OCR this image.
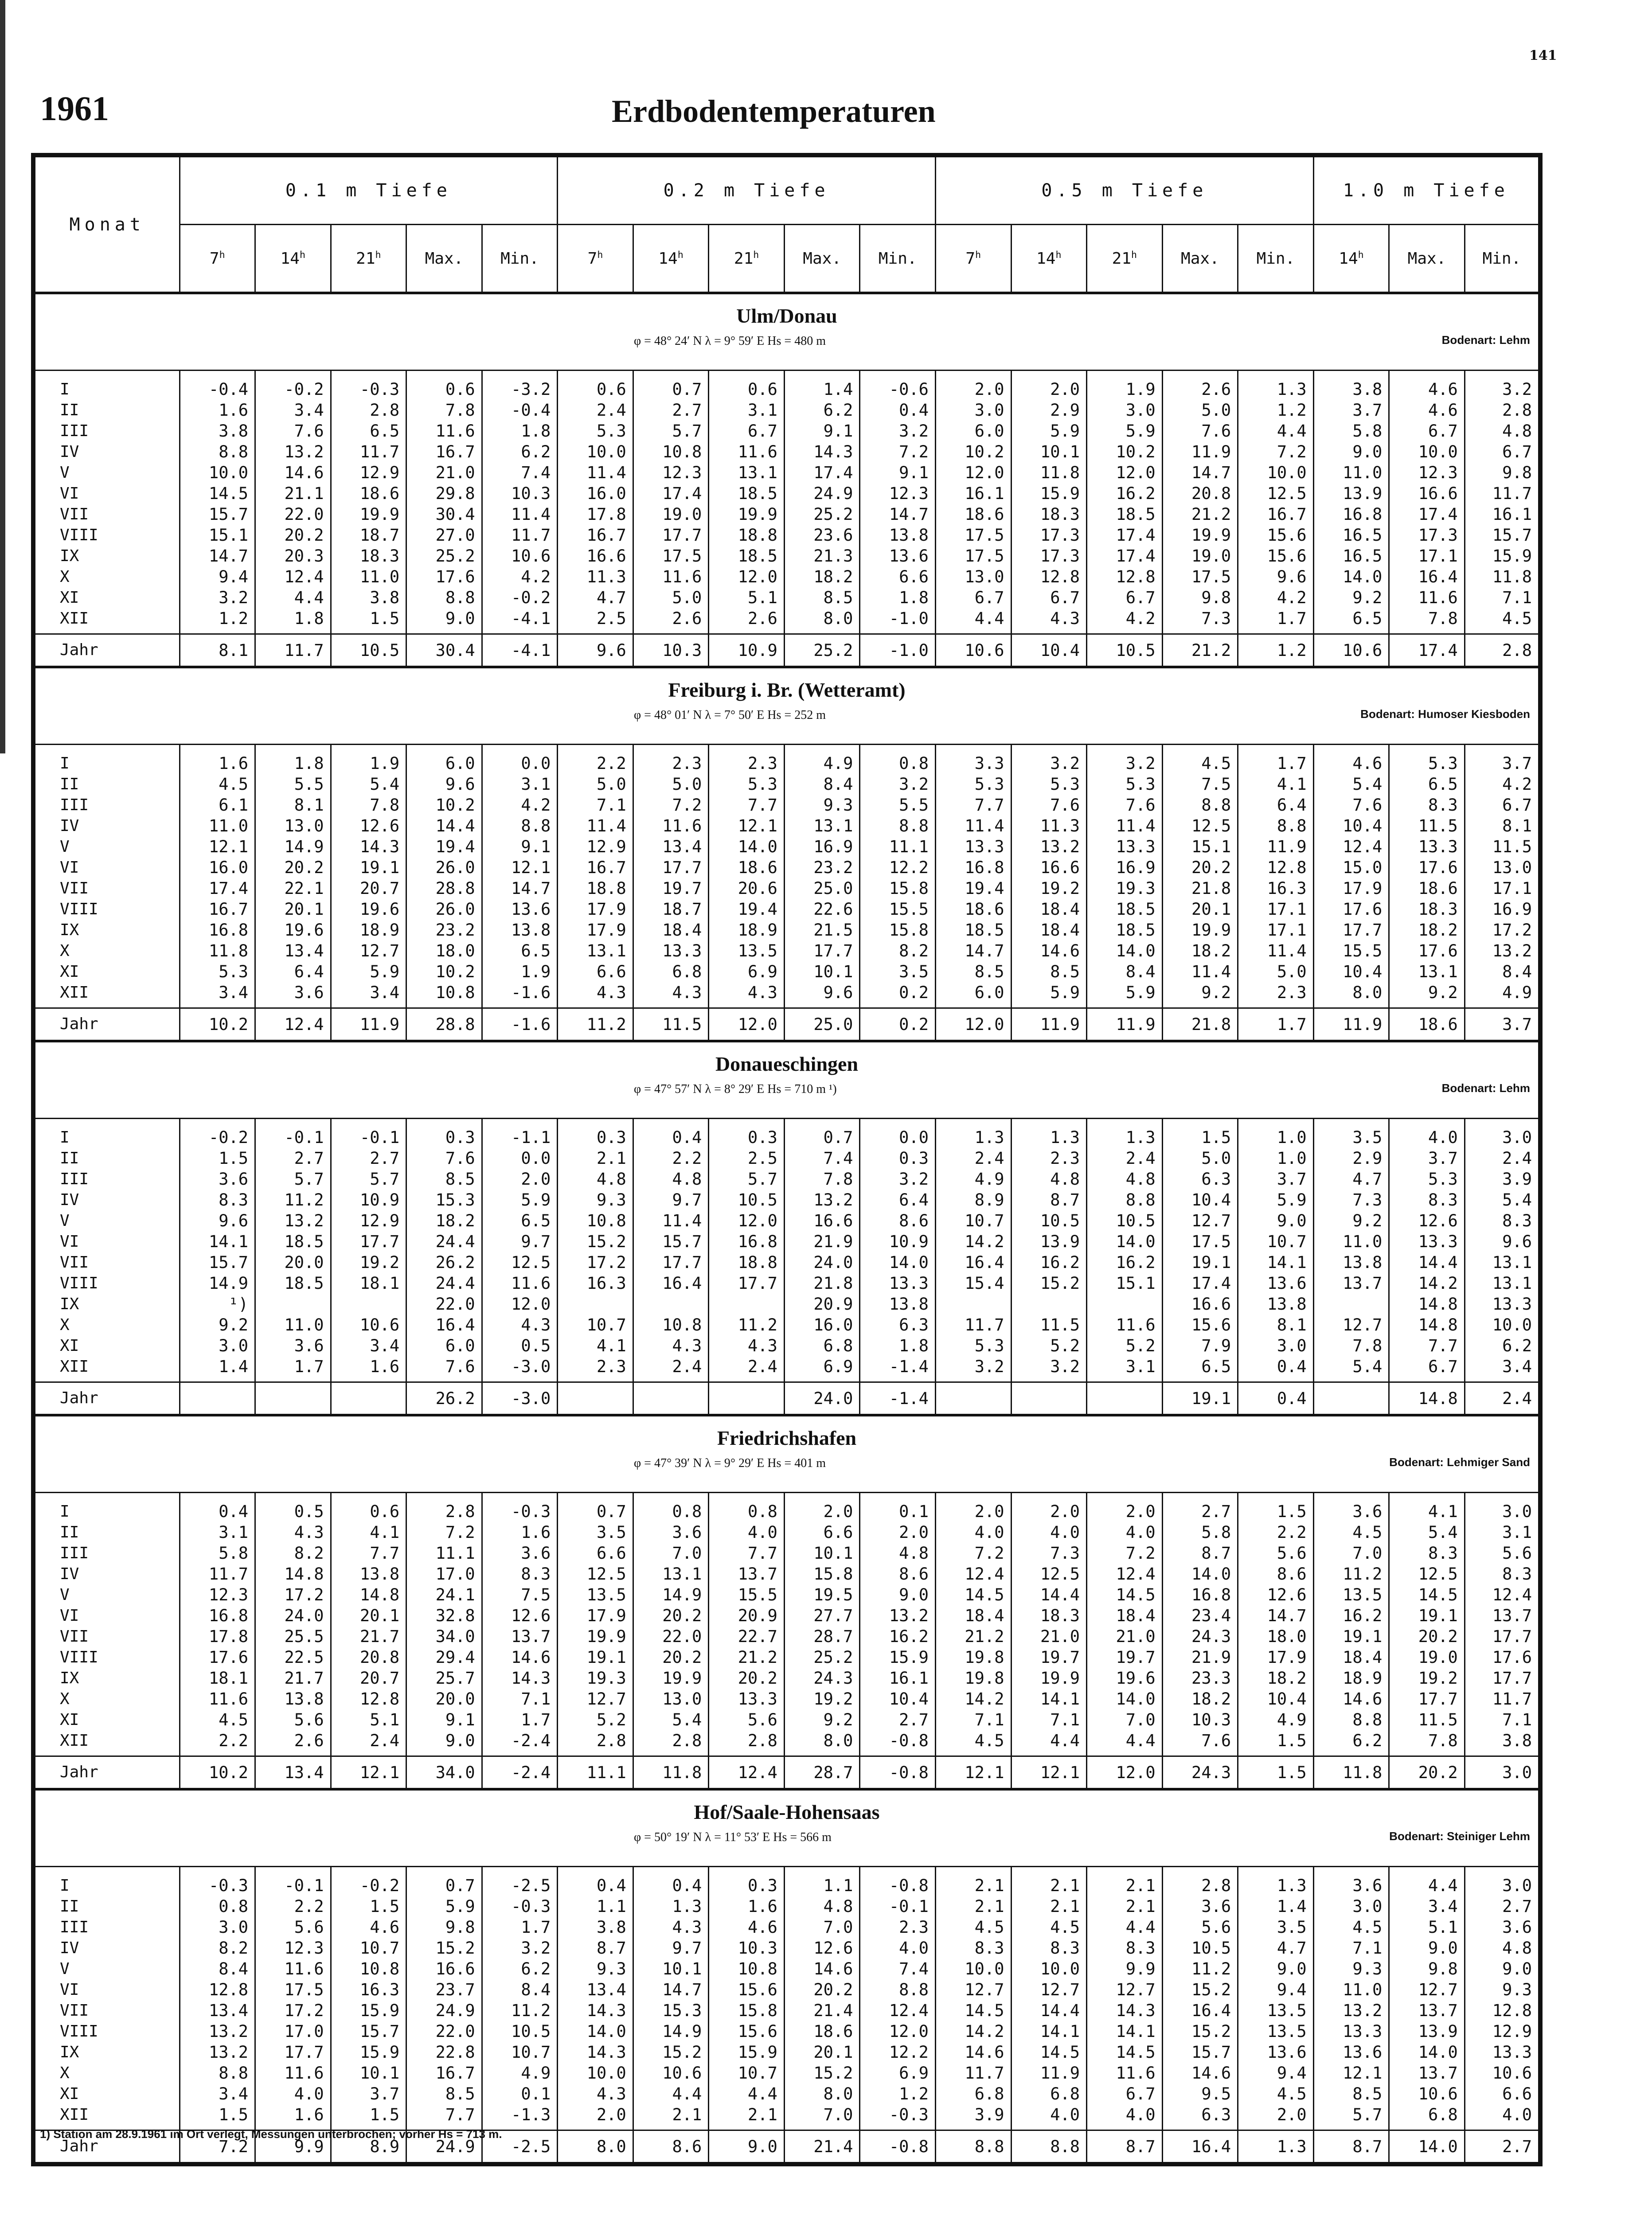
141
1961	Erdbodentemperaturen
Monat	0.1 m Tiefe					0.2 m Tiefe					0.5 m Tiefe					1.0 m Tiefe		
	7$^h$	14$^h$	21$^h$	Max.	Min.	7$^h$	14$^h$	21$^h$	Max.	Min.	7$^h$	14$^h$	21$^h$	Max.	Min.	14$^h$	Max.	Min.

Ulm/Donau
φ = 48° 24′ N λ = 9° 59′ E Hs = 480 m Bodenart: Lehm																		

I	-0.4	-0.2	-0.3	0.6	-3.2	0.6	0.7	0.6	1.4	-0.6	2.0	2.0	1.9	2.6	1.3	3.8	4.6	3.2
II	1.6	3.4	2.8	7.8	-0.4	2.4	2.7	3.1	6.2	0.4	3.0	2.9	3.0	5.0	1.2	3.7	4.6	2.8
III	3.8	7.6	6.5	11.6	1.8	5.3	5.7	6.7	9.1	3.2	6.0	5.9	5.9	7.6	4.4	5.8	6.7	4.8
IV	8.8	13.2	11.7	16.7	6.2	10.0	10.8	11.6	14.3	7.2	10.2	10.1	10.2	11.9	7.2	9.0	10.0	6.7
V	10.0	14.6	12.9	21.0	7.4	11.4	12.3	13.1	17.4	9.1	12.0	11.8	12.0	14.7	10.0	11.0	12.3	9.8
VI	14.5	21.1	18.6	29.8	10.3	16.0	17.4	18.5	24.9	12.3	16.1	15.9	16.2	20.8	12.5	13.9	16.6	11.7
VII	15.7	22.0	19.9	30.4	11.4	17.8	19.0	19.9	25.2	14.7	18.6	18.3	18.5	21.2	16.7	16.8	17.4	16.1
VIII	15.1	20.2	18.7	27.0	11.7	16.7	17.7	18.8	23.6	13.8	17.5	17.3	17.4	19.9	15.6	16.5	17.3	15.7
IX	14.7	20.3	18.3	25.2	10.6	16.6	17.5	18.5	21.3	13.6	17.5	17.3	17.4	19.0	15.6	16.5	17.1	15.9
X	9.4	12.4	11.0	17.6	4.2	11.3	11.6	12.0	18.2	6.6	13.0	12.8	12.8	17.5	9.6	14.0	16.4	11.8
XI	3.2	4.4	3.8	8.8	-0.2	4.7	5.0	5.1	8.5	1.8	6.7	6.7	6.7	9.8	4.2	9.2	11.6	7.1
XII	1.2	1.8	1.5	9.0	-4.1	2.5	2.6	2.6	8.0	-1.0	4.4	4.3	4.2	7.3	1.7	6.5	7.8	4.5
Jahr	8.1	11.7	10.5	30.4	-4.1	9.6	10.3	10.9	25.2	-1.0	10.6	10.4	10.5	21.2	1.2	10.6	17.4	2.8

Freiburg i. Br. (Wetteramt)
φ = 48° 01′ N λ = 7° 50′ E Hs = 252 m Bodenart: Humoser Kiesboden																		

I	1.6	1.8	1.9	6.0	0.0	2.2	2.3	2.3	4.9	0.8	3.3	3.2	3.2	4.5	1.7	4.6	5.3	3.7
II	4.5	5.5	5.4	9.6	3.1	5.0	5.0	5.3	8.4	3.2	5.3	5.3	5.3	7.5	4.1	5.4	6.5	4.2
III	6.1	8.1	7.8	10.2	4.2	7.1	7.2	7.7	9.3	5.5	7.7	7.6	7.6	8.8	6.4	7.6	8.3	6.7
IV	11.0	13.0	12.6	14.4	8.8	11.4	11.6	12.1	13.1	8.8	11.4	11.3	11.4	12.5	8.8	10.4	11.5	8.1
V	12.1	14.9	14.3	19.4	9.1	12.9	13.4	14.0	16.9	11.1	13.3	13.2	13.3	15.1	11.9	12.4	13.3	11.5
VI	16.0	20.2	19.1	26.0	12.1	16.7	17.7	18.6	23.2	12.2	16.8	16.6	16.9	20.2	12.8	15.0	17.6	13.0
VII	17.4	22.1	20.7	28.8	14.7	18.8	19.7	20.6	25.0	15.8	19.4	19.2	19.3	21.8	16.3	17.9	18.6	17.1
VIII	16.7	20.1	19.6	26.0	13.6	17.9	18.7	19.4	22.6	15.5	18.6	18.4	18.5	20.1	17.1	17.6	18.3	16.9
IX	16.8	19.6	18.9	23.2	13.8	17.9	18.4	18.9	21.5	15.8	18.5	18.4	18.5	19.9	17.1	17.7	18.2	17.2
X	11.8	13.4	12.7	18.0	6.5	13.1	13.3	13.5	17.7	8.2	14.7	14.6	14.0	18.2	11.4	15.5	17.6	13.2
XI	5.3	6.4	5.9	10.2	1.9	6.6	6.8	6.9	10.1	3.5	8.5	8.5	8.4	11.4	5.0	10.4	13.1	8.4
XII	3.4	3.6	3.4	10.8	-1.6	4.3	4.3	4.3	9.6	0.2	6.0	5.9	5.9	9.2	2.3	8.0	9.2	4.9
Jahr	10.2	12.4	11.9	28.8	-1.6	11.2	11.5	12.0	25.0	0.2	12.0	11.9	11.9	21.8	1.7	11.9	18.6	3.7

Donaueschingen
φ = 47° 57′ N λ = 8° 29′ E Hs = 710 m ¹) Bodenart: Lehm																		

I	-0.2	-0.1	-0.1	0.3	-1.1	0.3	0.4	0.3	0.7	0.0	1.3	1.3	1.3	1.5	1.0	3.5	4.0	3.0
II	1.5	2.7	2.7	7.6	0.0	2.1	2.2	2.5	7.4	0.3	2.4	2.3	2.4	5.0	1.0	2.9	3.7	2.4
III	3.6	5.7	5.7	8.5	2.0	4.8	4.8	5.7	7.8	3.2	4.9	4.8	4.8	6.3	3.7	4.7	5.3	3.9
IV	8.3	11.2	10.9	15.3	5.9	9.3	9.7	10.5	13.2	6.4	8.9	8.7	8.8	10.4	5.9	7.3	8.3	5.4
V	9.6	13.2	12.9	18.2	6.5	10.8	11.4	12.0	16.6	8.6	10.7	10.5	10.5	12.7	9.0	9.2	12.6	8.3
VI	14.1	18.5	17.7	24.4	9.7	15.2	15.7	16.8	21.9	10.9	14.2	13.9	14.0	17.5	10.7	11.0	13.3	9.6
VII	15.7	20.0	19.2	26.2	12.5	17.2	17.7	18.8	24.0	14.0	16.4	16.2	16.2	19.1	14.1	13.8	14.4	13.1
VIII	14.9	18.5	18.1	24.4	11.6	16.3	16.4	17.7	21.8	13.3	15.4	15.2	15.1	17.4	13.6	13.7	14.2	13.1
IX	¹)			22.0	12.0				20.9	13.8				16.6	13.8		14.8	13.3
X	9.2	11.0	10.6	16.4	4.3	10.7	10.8	11.2	16.0	6.3	11.7	11.5	11.6	15.6	8.1	12.7	14.8	10.0
XI	3.0	3.6	3.4	6.0	0.5	4.1	4.3	4.3	6.8	1.8	5.3	5.2	5.2	7.9	3.0	7.8	7.7	6.2
XII	1.4	1.7	1.6	7.6	-3.0	2.3	2.4	2.4	6.9	-1.4	3.2	3.2	3.1	6.5	0.4	5.4	6.7	3.4
Jahr				26.2	-3.0				24.0	-1.4				19.1	0.4		14.8	2.4

Friedrichshafen
φ = 47° 39′ N λ = 9° 29′ E Hs = 401 m Bodenart: Lehmiger Sand																		

I	0.4	0.5	0.6	2.8	-0.3	0.7	0.8	0.8	2.0	0.1	2.0	2.0	2.0	2.7	1.5	3.6	4.1	3.0
II	3.1	4.3	4.1	7.2	1.6	3.5	3.6	4.0	6.6	2.0	4.0	4.0	4.0	5.8	2.2	4.5	5.4	3.1
III	5.8	8.2	7.7	11.1	3.6	6.6	7.0	7.7	10.1	4.8	7.2	7.3	7.2	8.7	5.6	7.0	8.3	5.6
IV	11.7	14.8	13.8	17.0	8.3	12.5	13.1	13.7	15.8	8.6	12.4	12.5	12.4	14.0	8.6	11.2	12.5	8.3
V	12.3	17.2	14.8	24.1	7.5	13.5	14.9	15.5	19.5	9.0	14.5	14.4	14.5	16.8	12.6	13.5	14.5	12.4
VI	16.8	24.0	20.1	32.8	12.6	17.9	20.2	20.9	27.7	13.2	18.4	18.3	18.4	23.4	14.7	16.2	19.1	13.7
VII	17.8	25.5	21.7	34.0	13.7	19.9	22.0	22.7	28.7	16.2	21.2	21.0	21.0	24.3	18.0	19.1	20.2	17.7
VIII	17.6	22.5	20.8	29.4	14.6	19.1	20.2	21.2	25.2	15.9	19.8	19.7	19.7	21.9	17.9	18.4	19.0	17.6
IX	18.1	21.7	20.7	25.7	14.3	19.3	19.9	20.2	24.3	16.1	19.8	19.9	19.6	23.3	18.2	18.9	19.2	17.7
X	11.6	13.8	12.8	20.0	7.1	12.7	13.0	13.3	19.2	10.4	14.2	14.1	14.0	18.2	10.4	14.6	17.7	11.7
XI	4.5	5.6	5.1	9.1	1.7	5.2	5.4	5.6	9.2	2.7	7.1	7.1	7.0	10.3	4.9	8.8	11.5	7.1
XII	2.2	2.6	2.4	9.0	-2.4	2.8	2.8	2.8	8.0	-0.8	4.5	4.4	4.4	7.6	1.5	6.2	7.8	3.8
Jahr	10.2	13.4	12.1	34.0	-2.4	11.1	11.8	12.4	28.7	-0.8	12.1	12.1	12.0	24.3	1.5	11.8	20.2	3.0

Hof/Saale-Hohensaas
φ = 50° 19′ N λ = 11° 53′ E Hs = 566 m Bodenart: Steiniger Lehm																		

I	-0.3	-0.1	-0.2	0.7	-2.5	0.4	0.4	0.3	1.1	-0.8	2.1	2.1	2.1	2.8	1.3	3.6	4.4	3.0
II	0.8	2.2	1.5	5.9	-0.3	1.1	1.3	1.6	4.8	-0.1	2.1	2.1	2.1	3.6	1.4	3.0	3.4	2.7
III	3.0	5.6	4.6	9.8	1.7	3.8	4.3	4.6	7.0	2.3	4.5	4.5	4.4	5.6	3.5	4.5	5.1	3.6
IV	8.2	12.3	10.7	15.2	3.2	8.7	9.7	10.3	12.6	4.0	8.3	8.3	8.3	10.5	4.7	7.1	9.0	4.8
V	8.4	11.6	10.8	16.6	6.2	9.3	10.1	10.8	14.6	7.4	10.0	10.0	9.9	11.2	9.0	9.3	9.8	9.0
VI	12.8	17.5	16.3	23.7	8.4	13.4	14.7	15.6	20.2	8.8	12.7	12.7	12.7	15.2	9.4	11.0	12.7	9.3
VII	13.4	17.2	15.9	24.9	11.2	14.3	15.3	15.8	21.4	12.4	14.5	14.4	14.3	16.4	13.5	13.2	13.7	12.8
VIII	13.2	17.0	15.7	22.0	10.5	14.0	14.9	15.6	18.6	12.0	14.2	14.1	14.1	15.2	13.5	13.3	13.9	12.9
IX	13.2	17.7	15.9	22.8	10.7	14.3	15.2	15.9	20.1	12.2	14.6	14.5	14.5	15.7	13.6	13.6	14.0	13.3
X	8.8	11.6	10.1	16.7	4.9	10.0	10.6	10.7	15.2	6.9	11.7	11.9	11.6	14.6	9.4	12.1	13.7	10.6
XI	3.4	4.0	3.7	8.5	0.1	4.3	4.4	4.4	8.0	1.2	6.8	6.8	6.7	9.5	4.5	8.5	10.6	6.6
XII	1.5	1.6	1.5	7.7	-1.3	2.0	2.1	2.1	7.0	-0.3	3.9	4.0	4.0	6.3	2.0	5.7	6.8	4.0
Jahr	7.2	9.9	8.9	24.9	-2.5	8.0	8.6	9.0	21.4	-0.8	8.8	8.8	8.7	16.4	1.3	8.7	14.0	2.7
1) Station am 28.9.1961 im Ort verlegt, Messungen unterbrochen; vorher Hs = 713 m.
